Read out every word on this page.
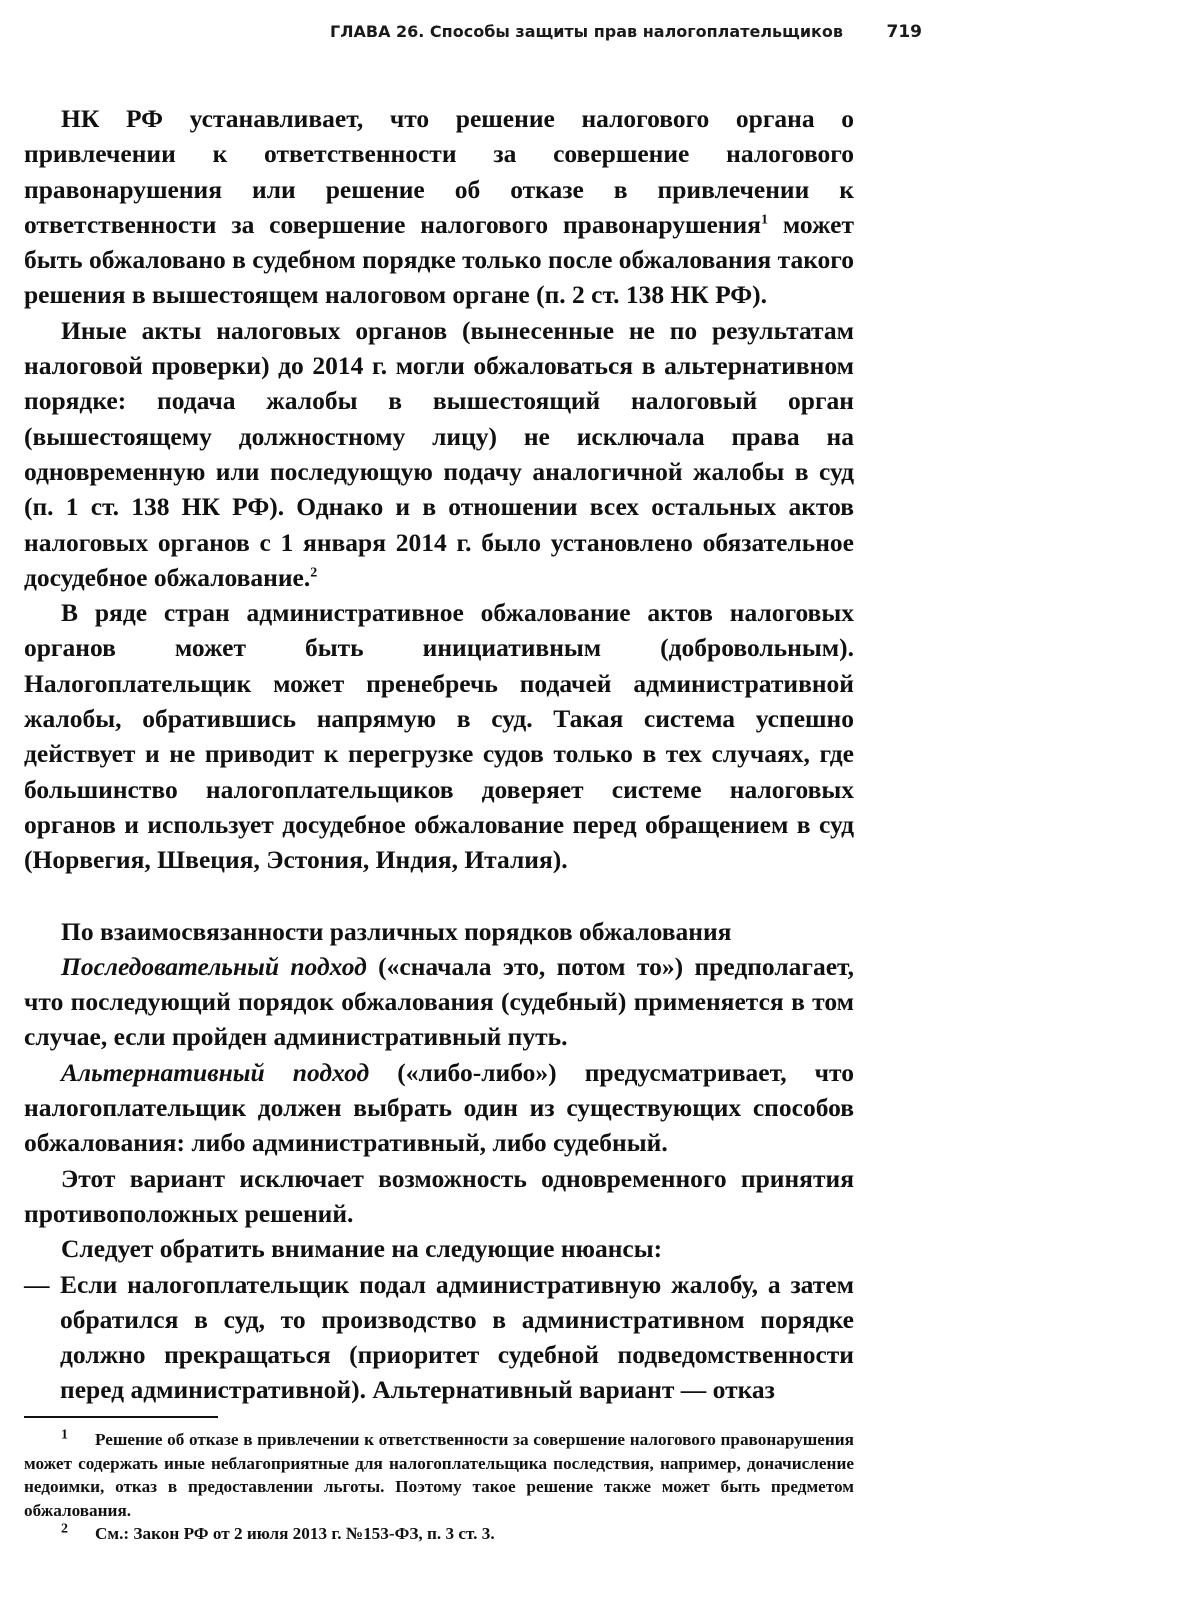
ГЛАВА 26. Способы защиты прав налогоплательщиков	719

НК РФ устанавливает, что решение налогового органа о привлечении к ответственности за совершение налогового правонарушения или решение об отказе в привлечении к ответственности за совершение налогового правонарушения$^1$ может быть обжаловано в судебном порядке только после обжалования такого решения в вышестоящем налоговом органе (п. 2 ст. 138 НК РФ).

Иные акты налоговых органов (вынесенные не по результатам налоговой проверки) до 2014 г. могли обжаловаться в альтернативном порядке: подача жалобы в вышестоящий налоговый орган (вышестоящему должностному лицу) не исключала права на одновременную или последующую подачу аналогичной жалобы в суд (п. 1 ст. 138 НК РФ). Однако и в отношении всех остальных актов налоговых органов с 1 января 2014 г. было установлено обязательное досудебное обжалование.$^2$

В ряде стран административное обжалование актов налоговых органов может быть инициативным (добровольным). Налогоплательщик может пренебречь подачей административной жалобы, обратившись напрямую в суд. Такая система успешно действует и не приводит к перегрузке судов только в тех случаях, где большинство налогоплательщиков доверяет системе налоговых органов и использует досудебное обжалование перед обращением в суд (Норвегия, Швеция, Эстония, Индия, Италия).

По взаимосвязанности различных порядков обжалования

Последовательный подход («сначала это, потом то») предполагает, что последующий порядок обжалования (судебный) применяется в том случае, если пройден административный путь.

Альтернативный подход («либо-либо») предусматривает, что налогоплательщик должен выбрать один из существующих способов обжалования: либо административный, либо судебный.

Этот вариант исключает возможность одновременного принятия противоположных решений.

Следует обратить внимание на следующие нюансы:

— Если налогоплательщик подал административную жалобу, а затем обратился в суд, то производство в административном порядке должно прекращаться (приоритет судебной подведомственности перед административной). Альтернативный вариант — отказ

$^1$ Решение об отказе в привлечении к ответственности за совершение налогового правонарушения может содержать иные неблагоприятные для налогоплательщика последствия, например, доначисление недоимки, отказ в предоставлении льготы. Поэтому такое решение также может быть предметом обжалования.

$^2$ См.: Закон РФ от 2 июля 2013 г. №153-ФЗ, п. 3 ст. 3.
